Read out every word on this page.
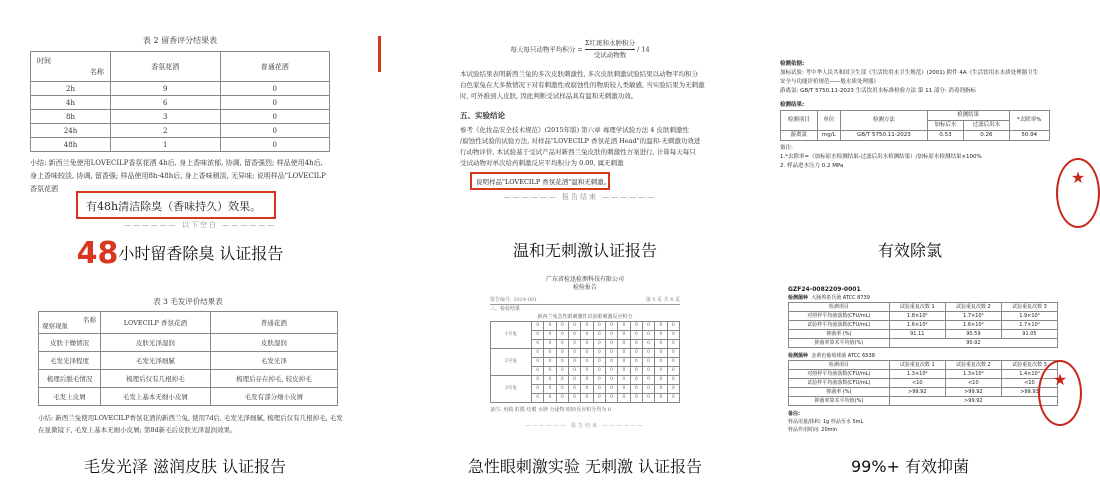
表 2 留香评分结果表
时间
名称	香氛花洒	普通花洒
2h	9	0
4h	6	0
8h	3	0
24h	2	0
48h	1	0
小结: 新西兰兔使用LOVECILP香氛花洒 4h后, 身上香味浓郁, 协调, 留香强烈; 样品使用4h后,
身上香味较淡, 协调, 留香强; 样品使用8h-48h后, 身上香味稍淡, 无异味; 说明样品"LOVECILP
香氛花洒
有48h清洁除臭（香味持久）效果。
—————— 以下空白 ——————
48小时留香除臭 认证报告
每天每只动物平均积分 =
Σ红斑和水肿积分
受试动物数
/ 14
本试验结果表明新西兰兔的多次皮肤刺激性, 多次皮肤刺激试验结果以动物平均积分
白色家兔在大多数情况下对有刺激性或腐蚀性的物质较人类敏感, 当实验结果为无刺激
时, 可外推到人皮肤, 因此判断受试样品具有温和无刺激功效。
五、实验结论
参考《化妆品安全技术规范》(2015年版) 第六章 毒理学试验方法 4 皮肤刺激性
/腐蚀性试验的试验方法, 对样品"LOVECILP 香氛花洒 Head"的温和-无刺激功效进
行动物评价, 本试验基于受试产品对新西兰兔皮肤的刺激性方案进行, 计算每天每只
受试动物对单次给药刺激反应平均积分为 0.00, 属无刺激
说明样品"LOVECILP 香氛花洒"温和无刺激。
—————— 报告结束 ——————
温和无刺激认证报告
检测依据:
加标试验: 考中华人民共和国卫生部《生活饮用水卫生规范》(2001) 附件 4A《生活饮用水水质处理器卫生
安全与功能评价规范——般水质处理器》
游离氯: GB/T 5750.11-2023 生活饮用水标准检验方法 第 11 部分: 消毒剂指标
检测结果:
检测项目	单位	检测方法	检测结果		*去除率%
			加标后水	过滤后出水	
游离氯	mg/L	GB/T 5750.11-2023	0.53	0.26	50.94
备注:
1.*去除率=（加标原水检测结果-过滤后出水检测结果）/加标原水检测结果×100%
2. 样品进水压力 0.2 MPa
★
有效除氯
表 3 毛发评价结果表
名称
观察现象	LOVECILP 香氛花洒	普通花洒
皮肤干燥情况	皮肤光泽湿润	皮肤湿润
毛发光泽程度	毛发光泽细腻	毛发光泽
梳理后脱毛情况	梳理后仅有几根掉毛	梳理后存在掉毛, 较皮掉毛
毛发上皮屑	毛发上基本无细小皮屑	毛发有部分细小皮屑
小结: 新西兰兔使用LOVECILP香氛花洒的新西兰兔, 使用7d后, 毛发光泽细腻, 梳理后仅有几根掉毛, 毛发
在显微镜下, 毛发上基本无细小皮屑; 第8d新毛后皮肤光泽湿润效果。
毛发光泽 滋润皮肤 认证报告
广东省检迅检测科技有限公司
检验报告
报告编号: 2024-001	第 5 页 共 6 页
三、检验结果
新西兰兔急性眼刺激性试验眼刺激反应积分
1号兔	0	0	0	0	0	0	0	0	0	0	0	0
	0	0	0	0	0	0	0	0	0	0	0	0
	0	0	0	0	0	0	0	0	0	0	0	0
2号兔	0	0	0	0	0	0	0	0	0	0	0	0
	0	0	0	0	0	0	0	0	0	0	0	0
	0	0	0	0	0	0	0	0	0	0	0	0
3号兔	0	0	0	0	0	0	0	0	0	0	0	0
	0	0	0	0	0	0	0	0	0	0	0	0
	0	0	0	0	0	0	0	0	0	0	0	0
备注: 角膜 虹膜 结膜 水肿 分泌物 眼睑反应积分均为 0
—————— 报告结束 ——————
急性眼刺激实验 无刺激 认证报告
GZF24-0082209-0001
检测菌种 大肠埃希氏菌 ATCC 8739
检测项目	试验重复次数 1	试验重复次数 2	试验重复次数 3
对照样平均菌落数(CFU/mL)	1.8×10⁵	1.7×10⁵	1.9×10⁵
试验样平均菌落数(CFU/mL)	1.6×10⁴	1.6×10⁴	1.7×10⁴
抑菌率 (%)	91.11	90.59	91.05
抑菌率算术平均值(%)	90.92		
检测菌种 金黄色葡萄球菌 ATCC 6538
检测项目	试验重复次数 1	试验重复次数 2	试验重复次数 3
对照样平均菌落数(CFU/mL)	1.3×10⁴	1.3×10⁴	1.4×10⁴
试验样平均菌落数(CFU/mL)	<10	<10	<10
抑菌率 (%)	>99.92	>99.92	>99.93
抑菌率算术平均值(%)	>99.92		
备注:
样品用量/体积: 1g 样品至水 5mL
样品作用时间: 20min
★
99%+ 有效抑菌
